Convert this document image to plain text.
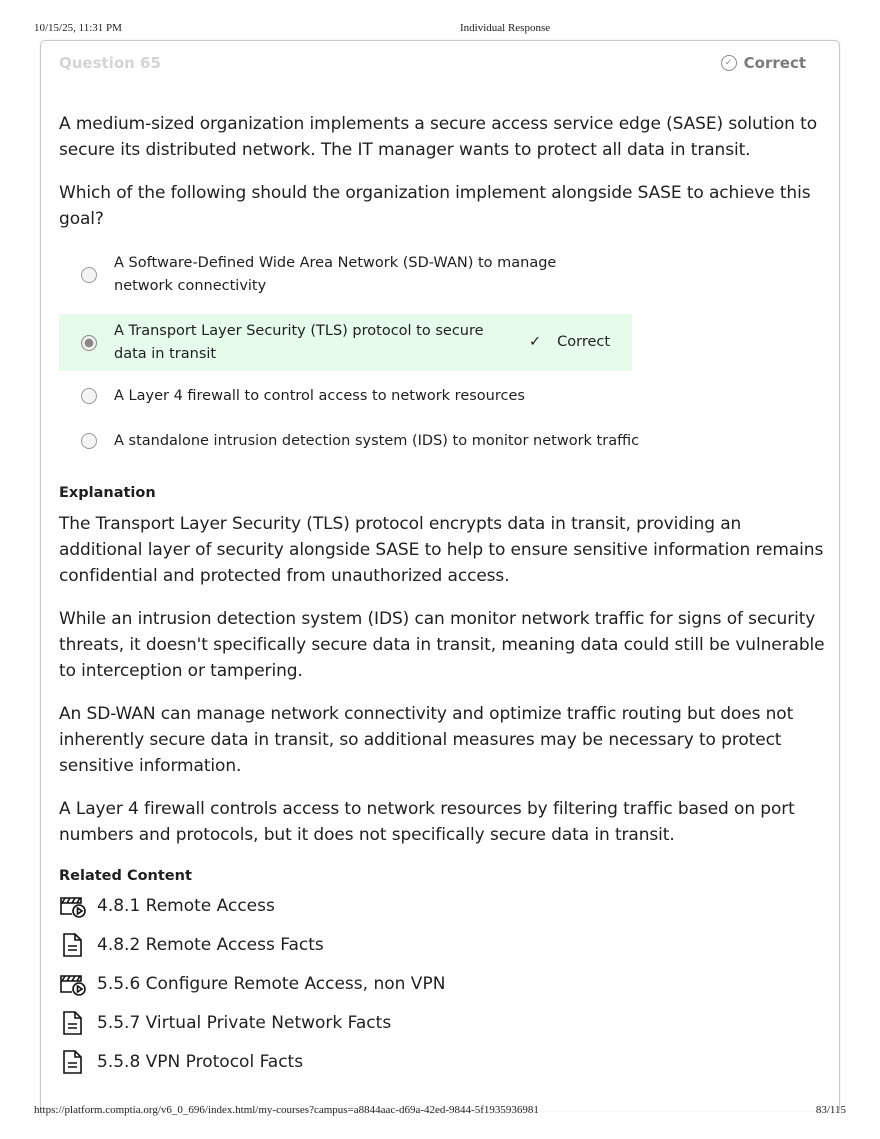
10/15/25, 11:31 PM	Individual Response
Question 65	✓ Correct

A medium-sized organization implements a secure access service edge (SASE) solution to secure its distributed network. The IT manager wants to protect all data in transit.

Which of the following should the organization implement alongside SASE to achieve this goal?

A Software-Defined Wide Area Network (SD-WAN) to manage network connectivity
A Transport Layer Security (TLS) protocol to secure data in transit
✓ Correct
A Layer 4 firewall to control access to network resources
A standalone intrusion detection system (IDS) to monitor network traffic
Explanation

The Transport Layer Security (TLS) protocol encrypts data in transit, providing an additional layer of security alongside SASE to help to ensure sensitive information remains confidential and protected from unauthorized access.

While an intrusion detection system (IDS) can monitor network traffic for signs of security threats, it doesn't specifically secure data in transit, meaning data could still be vulnerable to interception or tampering.

An SD-WAN can manage network connectivity and optimize traffic routing but does not inherently secure data in transit, so additional measures may be necessary to protect sensitive information.

A Layer 4 firewall controls access to network resources by filtering traffic based on port numbers and protocols, but it does not specifically secure data in transit.

Related Content
4.8.1 Remote Access
4.8.2 Remote Access Facts
5.5.6 Configure Remote Access, non VPN
5.5.7 Virtual Private Network Facts
5.5.8 VPN Protocol Facts
https://platform.comptia.org/v6_0_696/index.html/my-courses?campus=a8844aac-d69a-42ed-9844-5f1935936981	83/115
